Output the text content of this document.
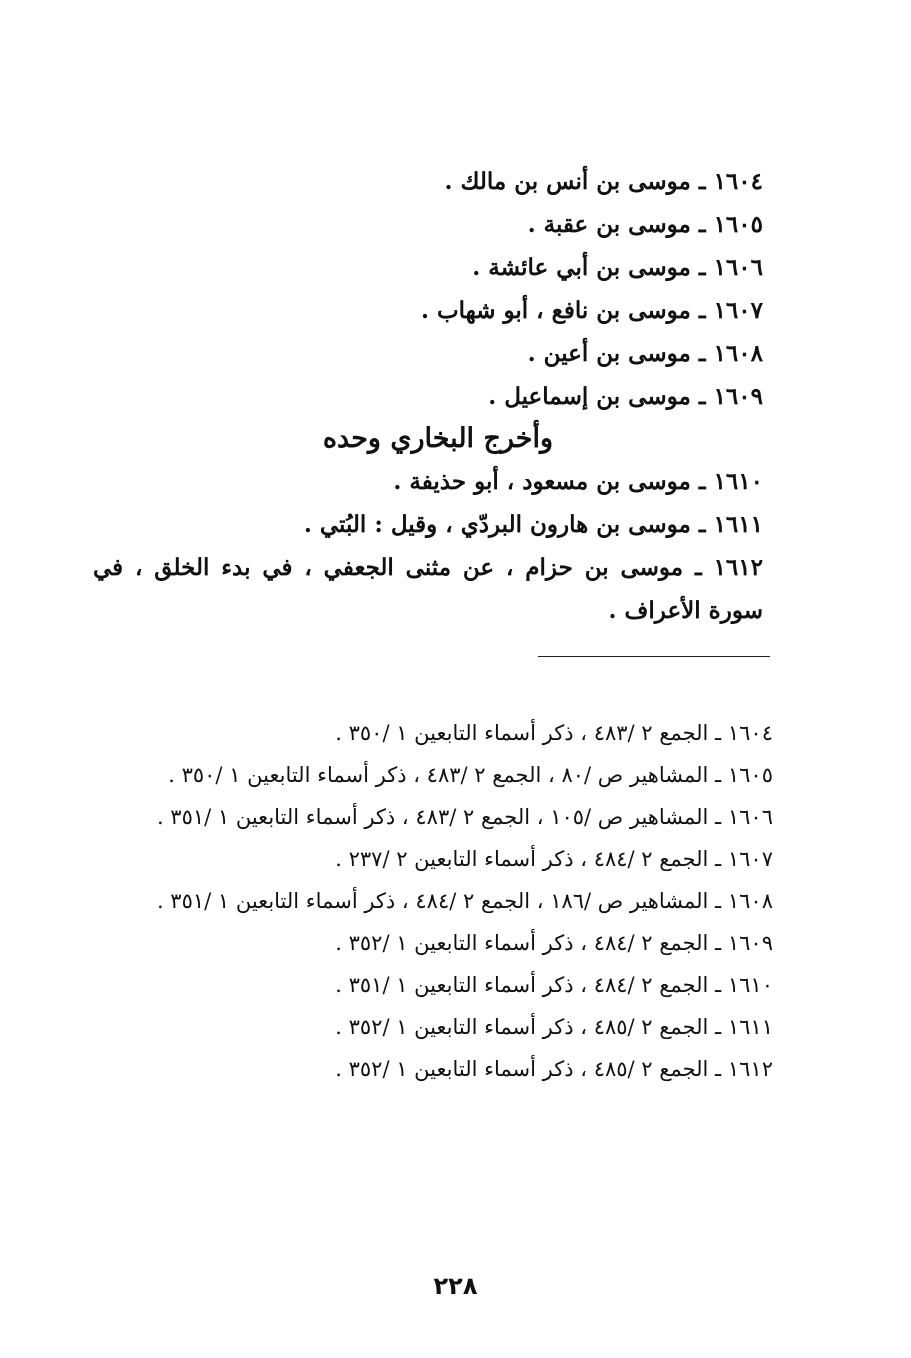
١٦٠٤ ـ موسى بن أنس بن مالك .
١٦٠٥ ـ موسى بن عقبة .
١٦٠٦ ـ موسى بن أبي عائشة .
١٦٠٧ ـ موسى بن نافع ، أبو شهاب .
١٦٠٨ ـ موسى بن أعين .
١٦٠٩ ـ موسى بن إسماعيل .
وأخرج البخاري وحده
١٦١٠ ـ موسى بن مسعود ، أبو حذيفة .
١٦١١ ـ موسى بن هارون البردّي ، وقيل : البُتي .
١٦١٢ ـ موسى بن حزام ، عن مثنى الجعفي ، في بدء الخلق ، في سورة الأعراف .
١٦٠٤ ـ الجمع ٢ /٤٨٣ ، ذكر أسماء التابعين ١ /٣٥٠ .
١٦٠٥ ـ المشاهير ص /٨٠ ، الجمع ٢ /٤٨٣ ، ذكر أسماء التابعين ١ /٣٥٠ .
١٦٠٦ ـ المشاهير ص /١٠٥ ، الجمع ٢ /٤٨٣ ، ذكر أسماء التابعين ١ /٣٥١ .
١٦٠٧ ـ الجمع ٢ /٤٨٤ ، ذكر أسماء التابعين ٢ /٢٣٧ .
١٦٠٨ ـ المشاهير ص /١٨٦ ، الجمع ٢ /٤٨٤ ، ذكر أسماء التابعين ١ /٣٥١ .
١٦٠٩ ـ الجمع ٢ /٤٨٤ ، ذكر أسماء التابعين ١ /٣٥٢ .
١٦١٠ ـ الجمع ٢ /٤٨٤ ، ذكر أسماء التابعين ١ /٣٥١ .
١٦١١ ـ الجمع ٢ /٤٨٥ ، ذكر أسماء التابعين ١ /٣٥٢ .
١٦١٢ ـ الجمع ٢ /٤٨٥ ، ذكر أسماء التابعين ١ /٣٥٢ .
٢٢٨
